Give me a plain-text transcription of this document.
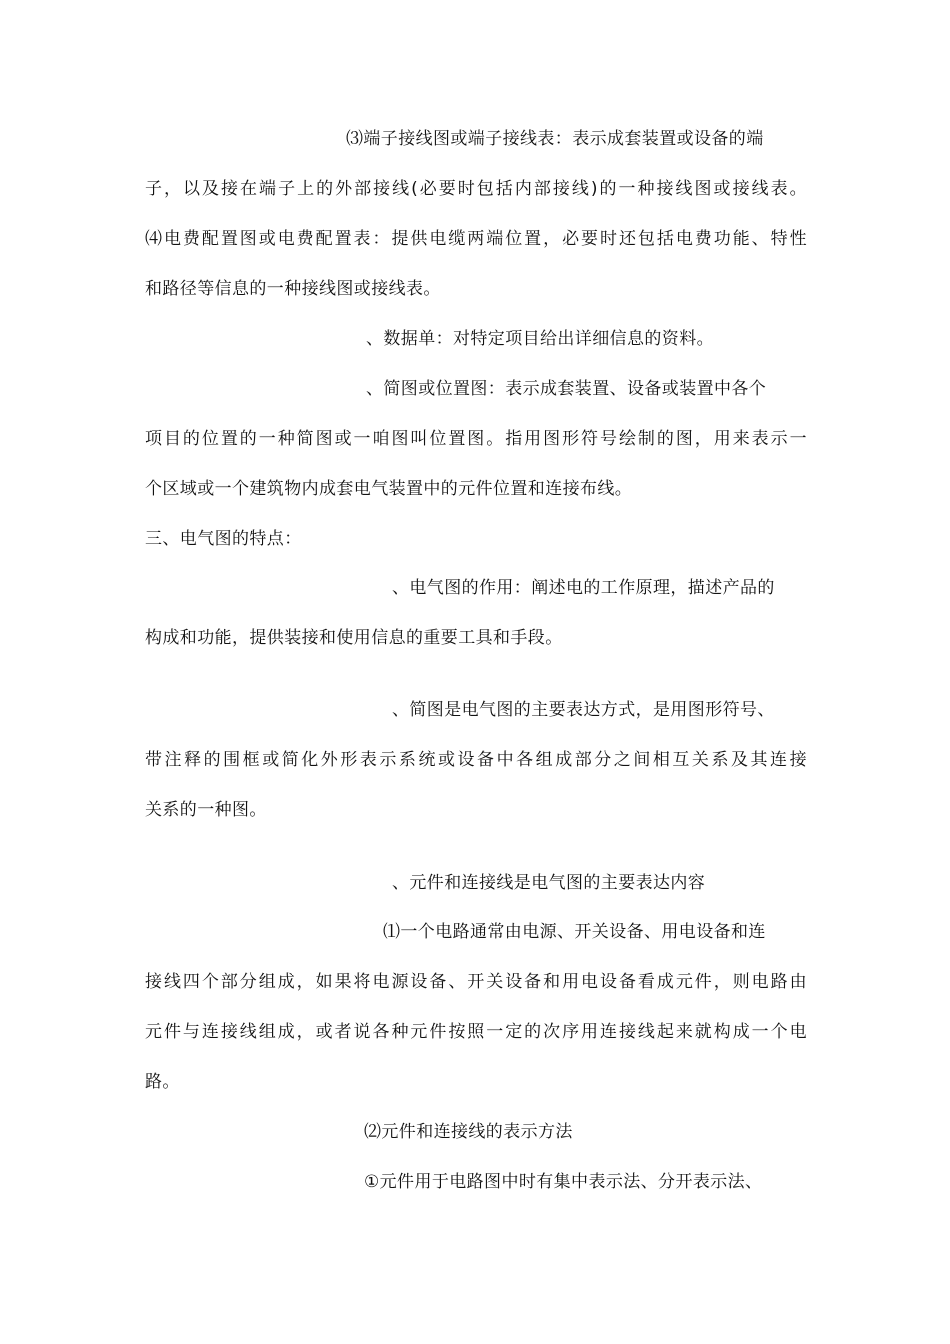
⑶端子接线图或端子接线表：表示成套装置或设备的端
子，以及接在端子上的外部接线(必要时包括内部接线)的一种接线图或接线表。
⑷电费配置图或电费配置表：提供电缆两端位置，必要时还包括电费功能、特性
和路径等信息的一种接线图或接线表。
、数据单：对特定项目给出详细信息的资料。
、简图或位置图：表示成套装置、设备或装置中各个
项目的位置的一种简图或一咱图叫位置图。指用图形符号绘制的图，用来表示一
个区域或一个建筑物内成套电气装置中的元件位置和连接布线。
三、电气图的特点：
、电气图的作用：阐述电的工作原理，描述产品的
构成和功能，提供装接和使用信息的重要工具和手段。
、简图是电气图的主要表达方式，是用图形符号、
带注释的围框或简化外形表示系统或设备中各组成部分之间相互关系及其连接
关系的一种图。
、元件和连接线是电气图的主要表达内容
⑴一个电路通常由电源、开关设备、用电设备和连
接线四个部分组成，如果将电源设备、开关设备和用电设备看成元件，则电路由
元件与连接线组成，或者说各种元件按照一定的次序用连接线起来就构成一个电
路。
⑵元件和连接线的表示方法
①元件用于电路图中时有集中表示法、分开表示法、
